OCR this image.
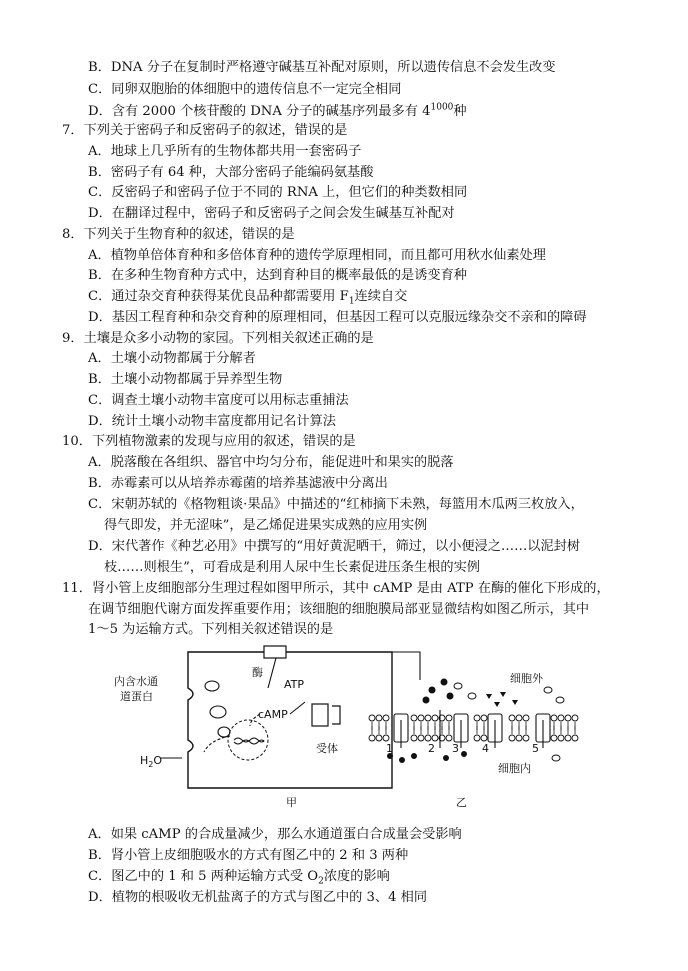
B．DNA 分子在复制时严格遵守碱基互补配对原则，所以遗传信息不会发生改变
C．同卵双胞胎的体细胞中的遗传信息不一定完全相同
D．含有 2000 个核苷酸的 DNA 分子的碱基序列最多有 $4^{1000}$种
7．下列关于密码子和反密码子的叙述，错误的是
A．地球上几乎所有的生物体都共用一套密码子
B．密码子有 64 种，大部分密码子能编码氨基酸
C．反密码子和密码子位于不同的 RNA 上，但它们的种类数相同
D．在翻译过程中，密码子和反密码子之间会发生碱基互补配对
8．下列关于生物育种的叙述，错误的是
A．植物单倍体育种和多倍体育种的遗传学原理相同，而且都可用秋水仙素处理
B．在多种生物育种方式中，达到育种目的概率最低的是诱变育种
C．通过杂交育种获得某优良品种都需要用 $F_1$连续自交
D．基因工程育种和杂交育种的原理相同，但基因工程可以克服远缘杂交不亲和的障碍
9．土壤是众多小动物的家园。下列相关叙述正确的是
A．土壤小动物都属于分解者
B．土壤小动物都属于异养型生物
C．调查土壤小动物丰富度可以用标志重捕法
D．统计土壤小动物丰富度都用记名计算法
10．下列植物激素的发现与应用的叙述，错误的是
A．脱落酸在各组织、器官中均匀分布，能促进叶和果实的脱落
B．赤霉素可以从培养赤霉菌的培养基滤液中分离出
C．宋朝苏轼的《格物粗谈·果品》中描述的“红柿摘下未熟，每篮用木瓜两三枚放入，
得气即发，并无涩味”，是乙烯促进果实成熟的应用实例
D．宋代著作《种艺必用》中撰写的“用好黄泥晒干，筛过，以小便浸之……以泥封树
枝……则根生”，可看成是利用人尿中生长素促进压条生根的实例
11．肾小管上皮细胞部分生理过程如图甲所示，其中 cAMP 是由 ATP 在酶的催化下形成的，
在调节细胞代谢方面发挥重要作用；该细胞的细胞膜局部亚显微结构如图乙所示，其中
1～5 为运输方式。下列相关叙述错误的是
内含水通
道蛋白
酶
ATP
cAMP
受体
$H_2O$
甲
细胞外
细胞内
1	2 3 4	5
乙
A．如果 cAMP 的合成量减少，那么水通道蛋白合成量会受影响
B．肾小管上皮细胞吸水的方式有图乙中的 2 和 3 两种
C．图乙中的 1 和 5 两种运输方式受 $O_2$浓度的影响
D．植物的根吸收无机盐离子的方式与图乙中的 3、4 相同
